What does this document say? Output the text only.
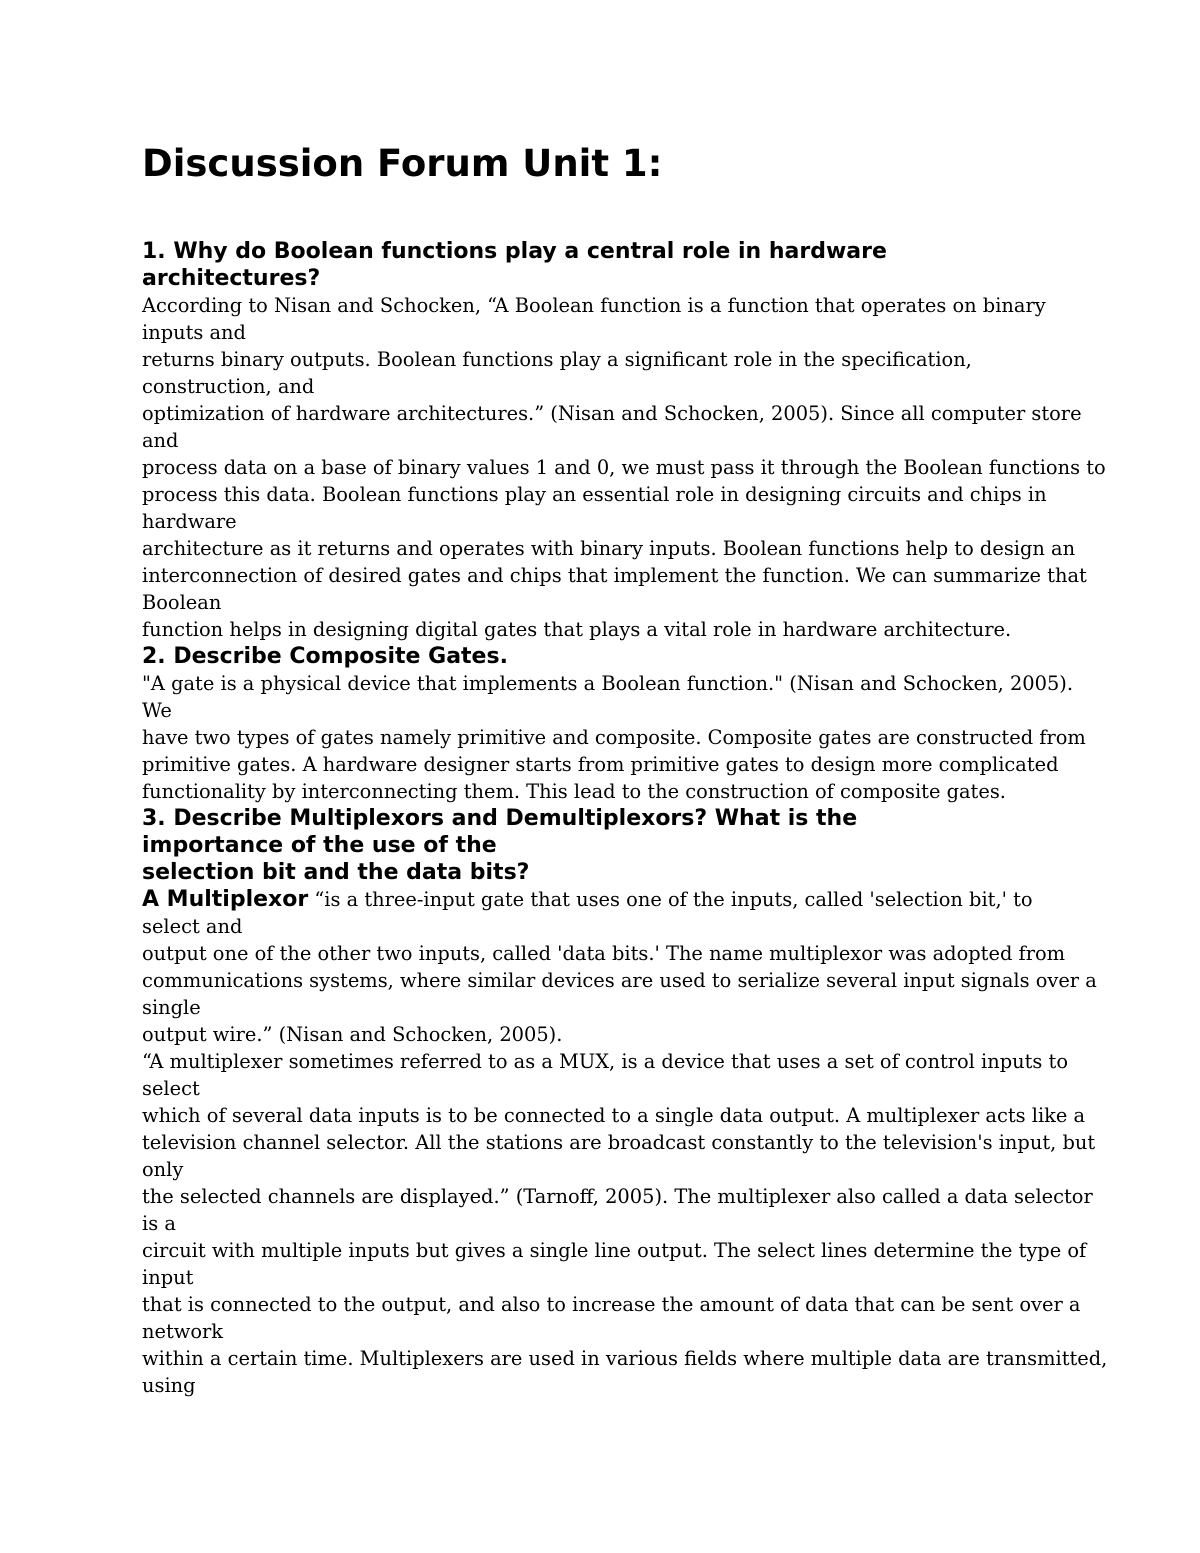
Discussion Forum Unit 1:
1. Why do Boolean functions play a central role in hardware
architectures?
According to Nisan and Schocken, “A Boolean function is a function that operates on binary
inputs and
returns binary outputs. Boolean functions play a significant role in the specification,
construction, and
optimization of hardware architectures.” (Nisan and Schocken, 2005). Since all computer store
and
process data on a base of binary values 1 and 0, we must pass it through the Boolean functions to
process this data. Boolean functions play an essential role in designing circuits and chips in
hardware
architecture as it returns and operates with binary inputs. Boolean functions help to design an
interconnection of desired gates and chips that implement the function. We can summarize that
Boolean
function helps in designing digital gates that plays a vital role in hardware architecture.
2. Describe Composite Gates.
"A gate is a physical device that implements a Boolean function." (Nisan and Schocken, 2005).
We
have two types of gates namely primitive and composite. Composite gates are constructed from
primitive gates. A hardware designer starts from primitive gates to design more complicated
functionality by interconnecting them. This lead to the construction of composite gates.
3. Describe Multiplexors and Demultiplexors? What is the
importance of the use of the
selection bit and the data bits?
A Multiplexor “is a three-input gate that uses one of the inputs, called 'selection bit,' to
select and
output one of the other two inputs, called 'data bits.' The name multiplexor was adopted from
communications systems, where similar devices are used to serialize several input signals over a
single
output wire.” (Nisan and Schocken, 2005).
“A multiplexer sometimes referred to as a MUX, is a device that uses a set of control inputs to
select
which of several data inputs is to be connected to a single data output. A multiplexer acts like a
television channel selector. All the stations are broadcast constantly to the television's input, but
only
the selected channels are displayed.” (Tarnoff, 2005). The multiplexer also called a data selector
is a
circuit with multiple inputs but gives a single line output. The select lines determine the type of
input
that is connected to the output, and also to increase the amount of data that can be sent over a
network
within a certain time. Multiplexers are used in various fields where multiple data are transmitted,
using
